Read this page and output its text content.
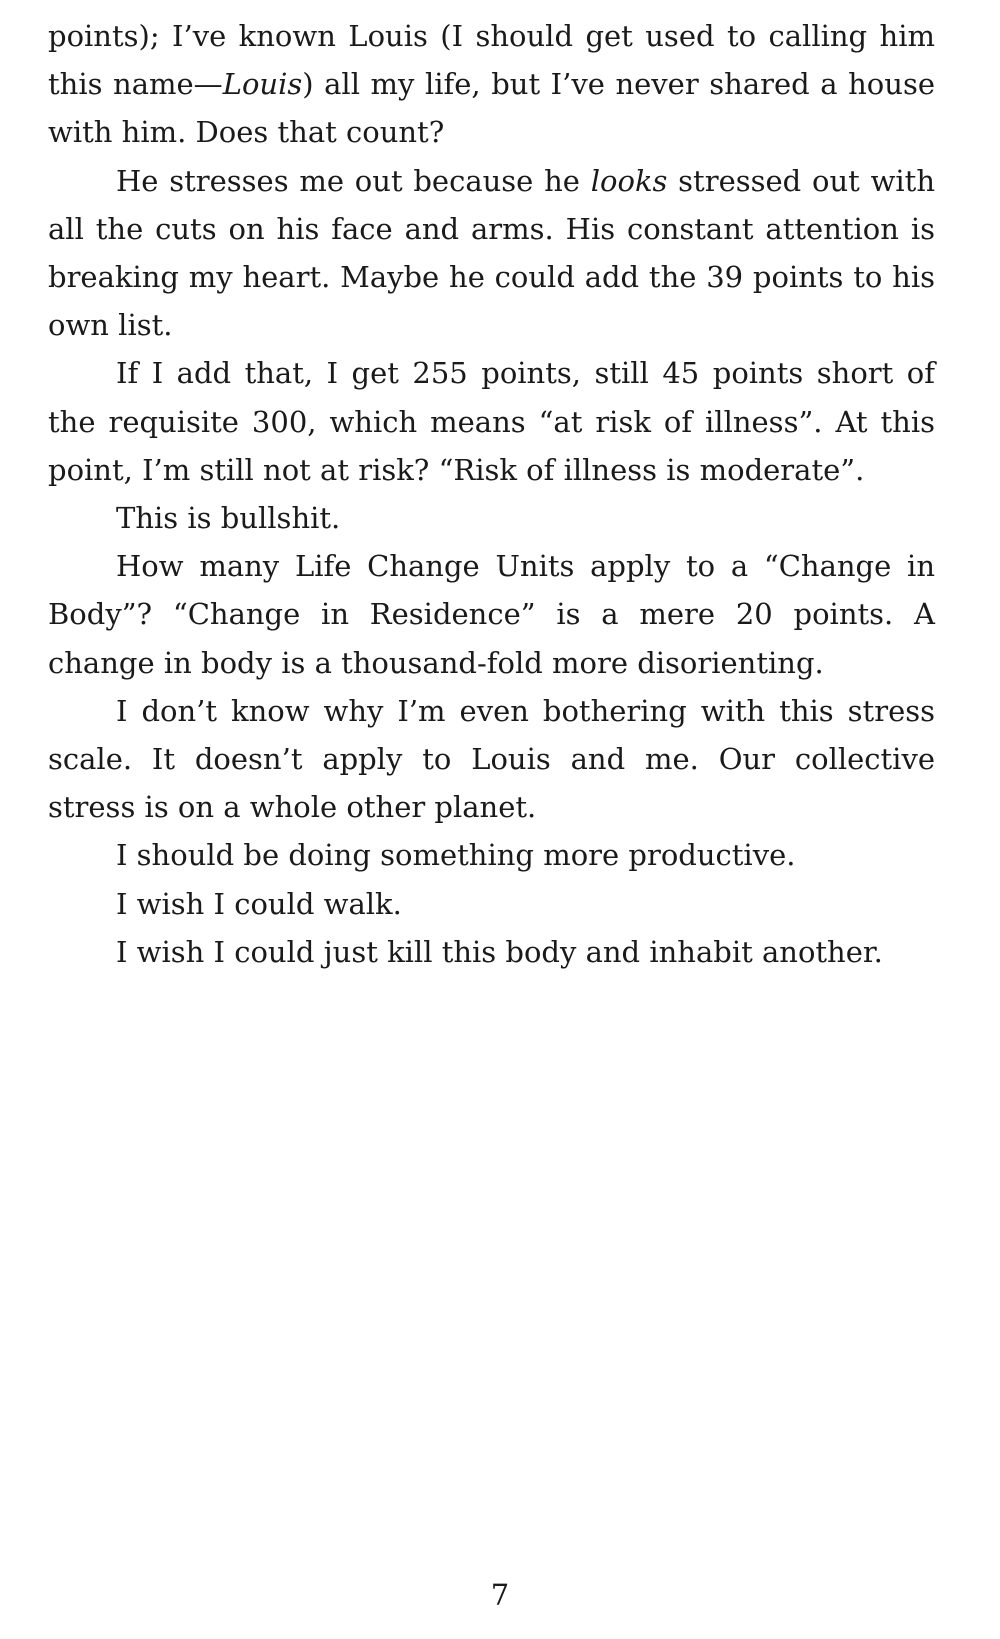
points); I’ve known Louis (I should get used to calling him this name—Louis) all my life, but I’ve never shared a house with him. Does that count?

He stresses me out because he looks stressed out with all the cuts on his face and arms. His constant attention is breaking my heart. Maybe he could add the 39 points to his own list.

If I add that, I get 255 points, still 45 points short of the requisite 300, which means “at risk of illness”. At this point, I’m still not at risk? “Risk of illness is moderate”.

This is bullshit.

How many Life Change Units apply to a “Change in Body”? “Change in Residence” is a mere 20 points. A change in body is a thousand-fold more disorienting.

I don’t know why I’m even bothering with this stress scale. It doesn’t apply to Louis and me. Our collective stress is on a whole other planet.

I should be doing something more productive.

I wish I could walk.

I wish I could just kill this body and inhabit another.

7
